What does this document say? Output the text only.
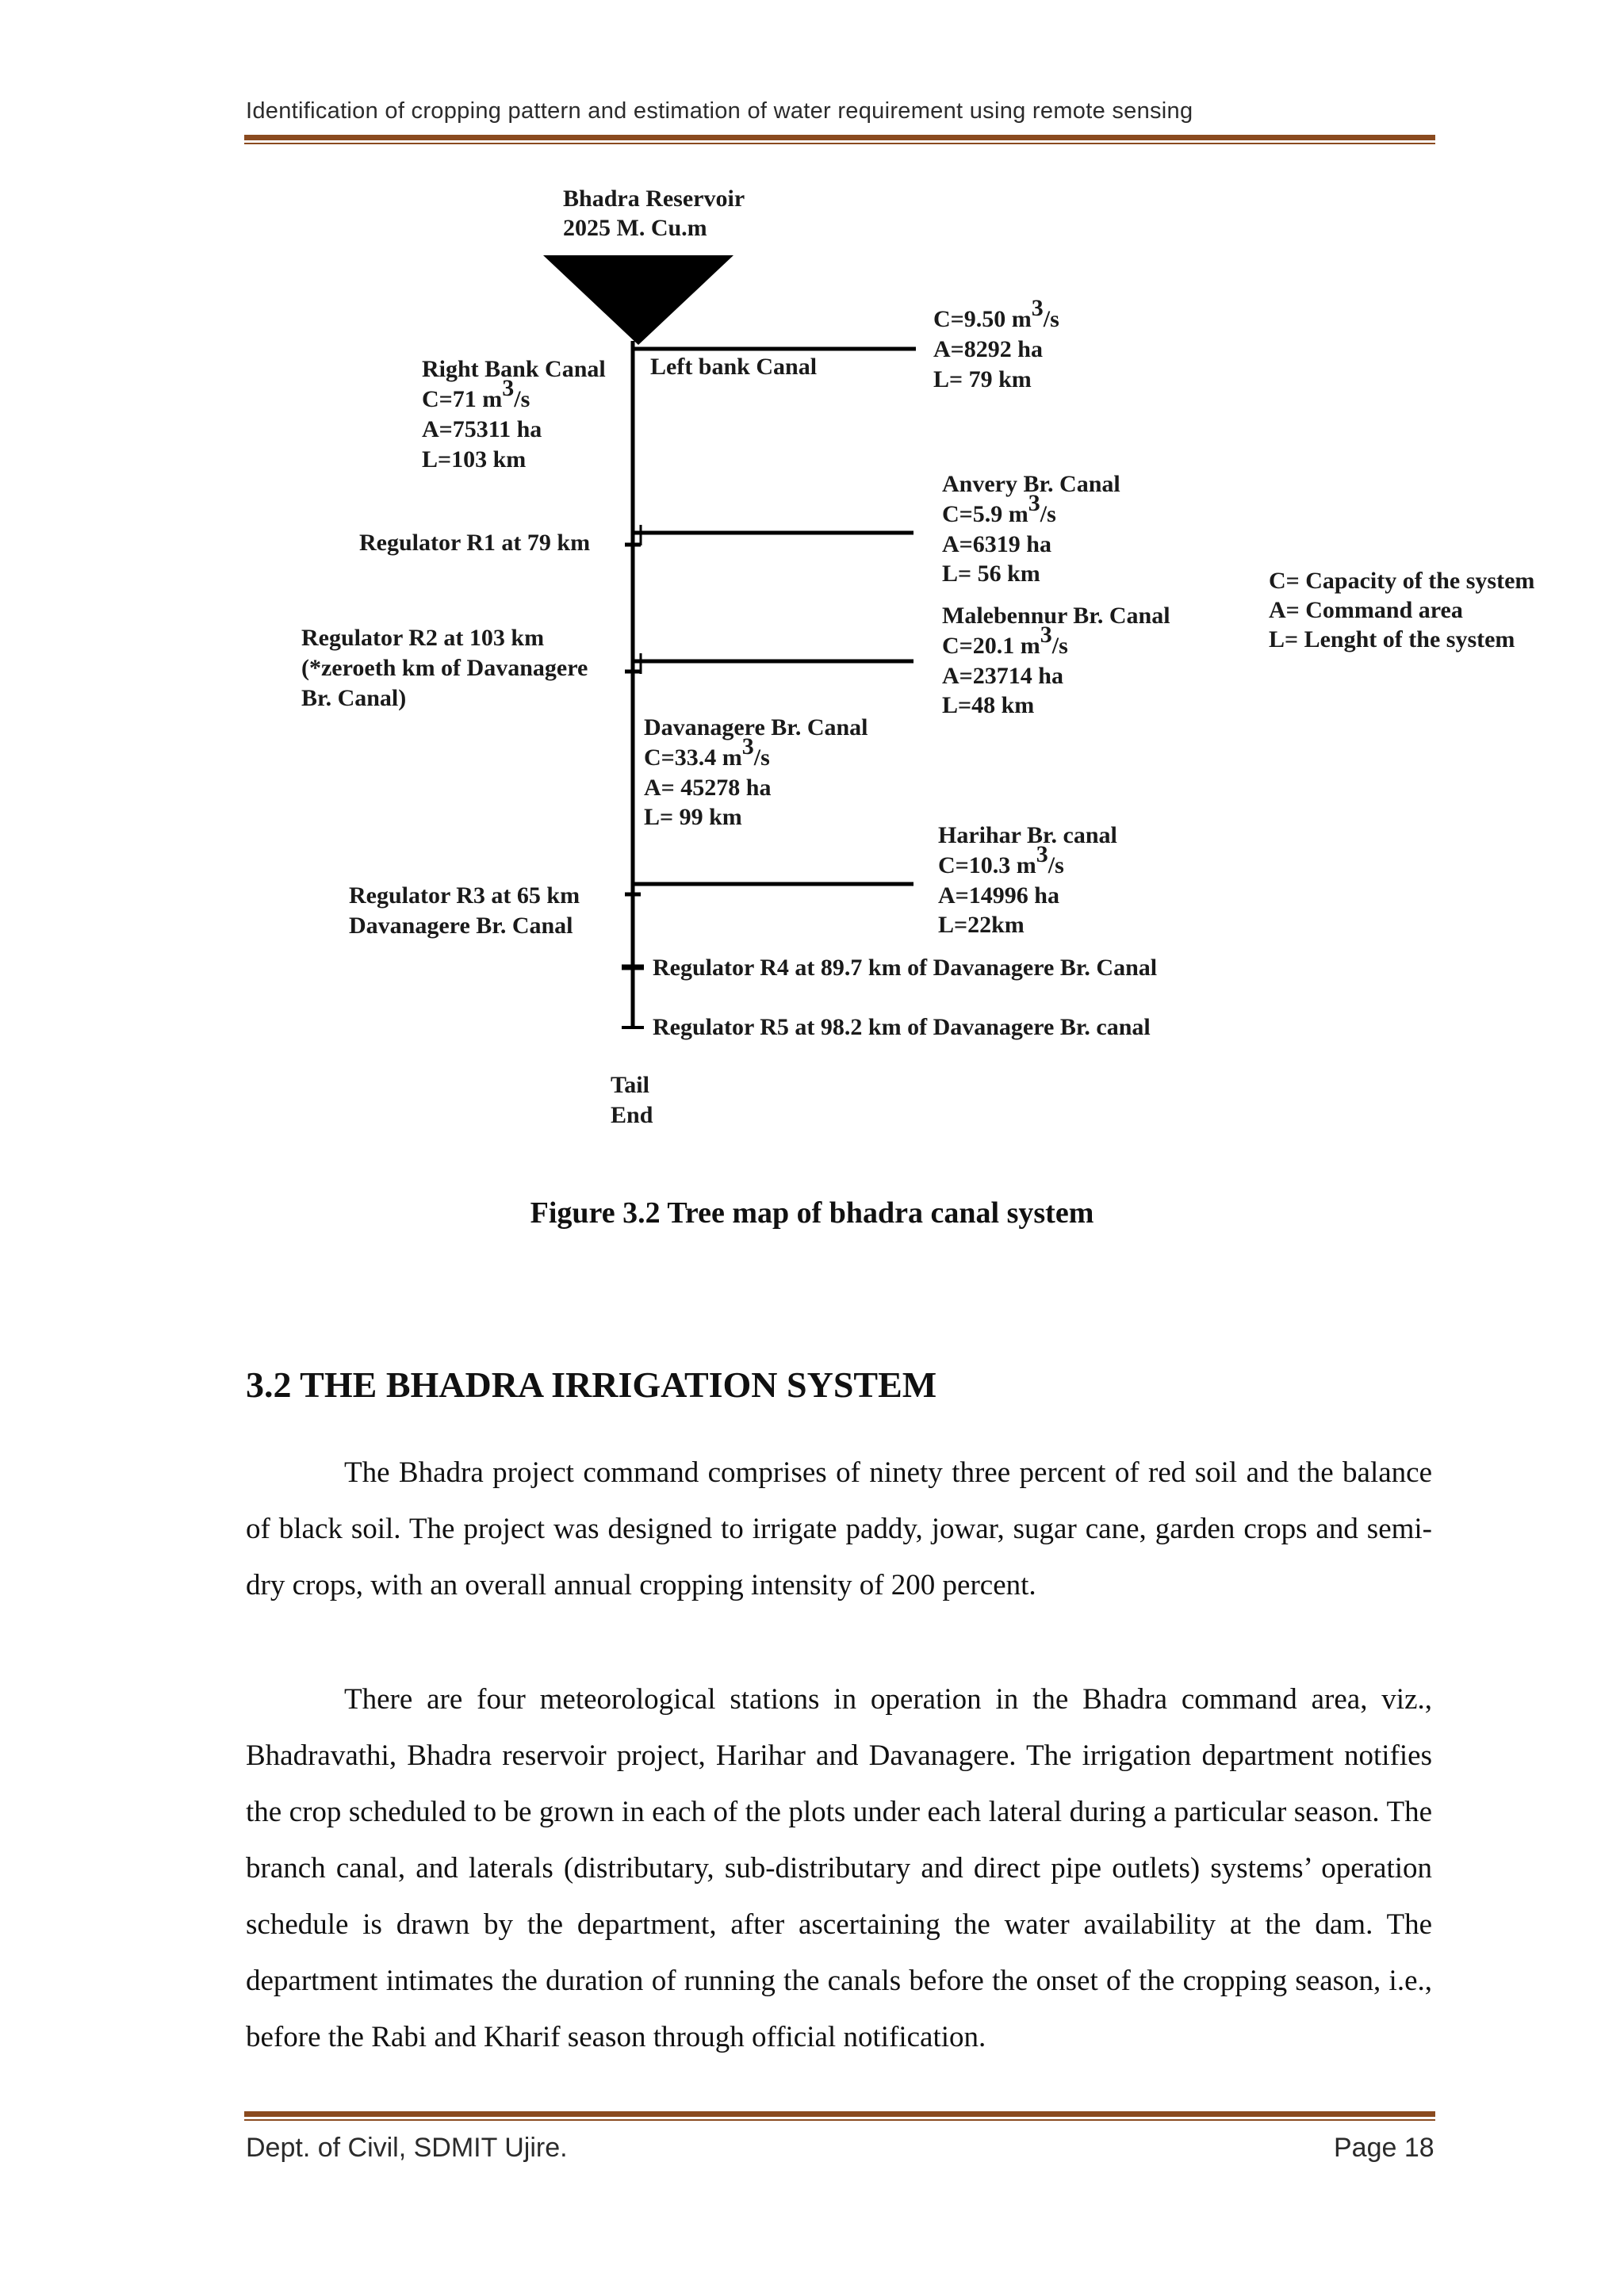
Identification of cropping pattern and estimation of water requirement using remote sensing
Bhadra Reservoir
2025 M. Cu.m
Left bank Canal
C=9.50 m3/s
A=8292 ha
L= 79 km
Right Bank Canal
C=71 m3/s
A=75311 ha
L=103 km
Regulator R1 at 79 km
Anvery Br. Canal
C=5.9 m3/s
A=6319 ha
L= 56 km	C= Capacity of the system
A= Command area
L= Lenght of the system
Regulator R2 at 103 km
(*zeroeth km of Davanagere
Br. Canal)
Malebennur Br. Canal
C=20.1 m3/s
A=23714 ha
L=48 km
Davanagere Br. Canal
C=33.4 m3/s
A= 45278 ha
L= 99 km
Harihar Br. canal
C=10.3 m3/s
A=14996 ha
L=22km
Regulator R3 at 65 km
Davanagere Br. Canal
Regulator R4 at 89.7 km of Davanagere Br. Canal
Regulator R5 at 98.2 km of Davanagere Br. canal
Tail
End
Figure 3.2 Tree map of bhadra canal system
3.2 THE BHADRA IRRIGATION SYSTEM

The Bhadra project command comprises of ninety three percent of red soil and the balance of black soil. The project was designed to irrigate paddy, jowar, sugar cane, garden crops and semi-dry crops, with an overall annual cropping intensity of 200 percent.

There are four meteorological stations in operation in the Bhadra command area, viz., Bhadravathi, Bhadra reservoir project, Harihar and Davanagere. The irrigation department notifies the crop scheduled to be grown in each of the plots under each lateral during a particular season. The branch canal, and laterals (distributary, sub-distributary and direct pipe outlets) systems’ operation schedule is drawn by the department, after ascertaining the water availability at the dam. The department intimates the duration of running the canals before the onset of the cropping season, i.e., before the Rabi and Kharif season through official notification.

Dept. of Civil, SDMIT Ujire.	Page 18
